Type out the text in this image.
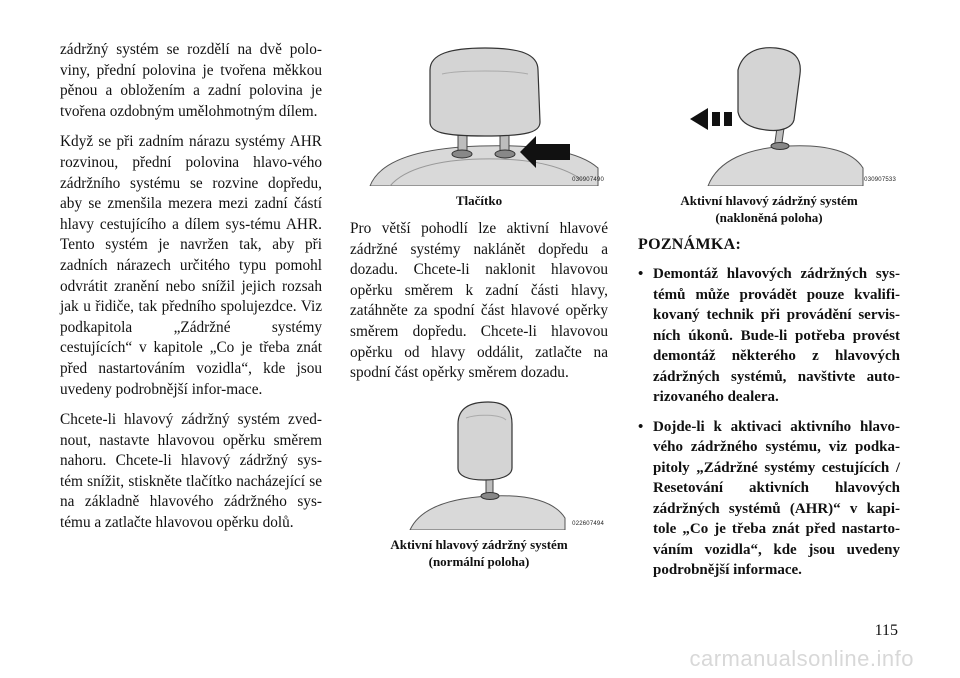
zádržný systém se rozdělí na dvě polo-viny, přední polovina je tvořena měkkou pěnou a obložením a zadní polovina je tvořena ozdobným umělohmotným dílem.

Když se při zadním nárazu systémy AHR rozvinou, přední polovina hlavo-vého zádržního systému se rozvine dopředu, aby se zmenšila mezera mezi zadní částí hlavy cestujícího a dílem sys-tému AHR. Tento systém je navržen tak, aby při zadních nárazech určitého typu pomohl odvrátit zranění nebo snížil jejich rozsah jak u řidiče, tak předního spolujezdce. Viz podkapitola „Zádržné systémy cestujících“ v kapitole „Co je třeba znát před nastartováním vozidla“, kde jsou uvedeny podrobnější infor-mace.

Chcete-li hlavový zádržný systém zved-nout, nastavte hlavovou opěrku směrem nahoru. Chcete-li hlavový zádržný sys-tém snížit, stiskněte tlačítko nacházející se na základně hlavového zádržného sys-tému a zatlačte hlavovou opěrku dolů.

030907490
Tlačítko

Pro větší pohodlí lze aktivní hlavové zádržné systémy naklánět dopředu a dozadu. Chcete-li naklonit hlavovou opěrku směrem k zadní části hlavy, zatáhněte za spodní část hlavové opěrky směrem dopředu. Chcete-li hlavovou opěrku od hlavy oddálit, zatlačte na spodní část opěrky směrem dozadu.

022607494
Aktivní hlavový zádržný systém
(normální poloha)
030907533
Aktivní hlavový zádržný systém
(nakloněná poloha)
POZNÁMKA:
• Demontáž hlavových zádržných sys-témů může provádět pouze kvalifi-kovaný technik při provádění servis-ních úkonů. Bude-li potřeba provést demontáž některého z hlavových zádržných systémů, navštivte auto-rizovaného dealera.
• Dojde-li k aktivaci aktivního hlavo-vého zádržného systému, viz podka-pitoly „Zádržné systémy cestujících / Resetování aktivních hlavových zádržných systémů (AHR)“ v kapi-tole „Co je třeba znát před nastarto-váním vozidla“, kde jsou uvedeny podrobnější informace.
115
carmanualsonline.info
